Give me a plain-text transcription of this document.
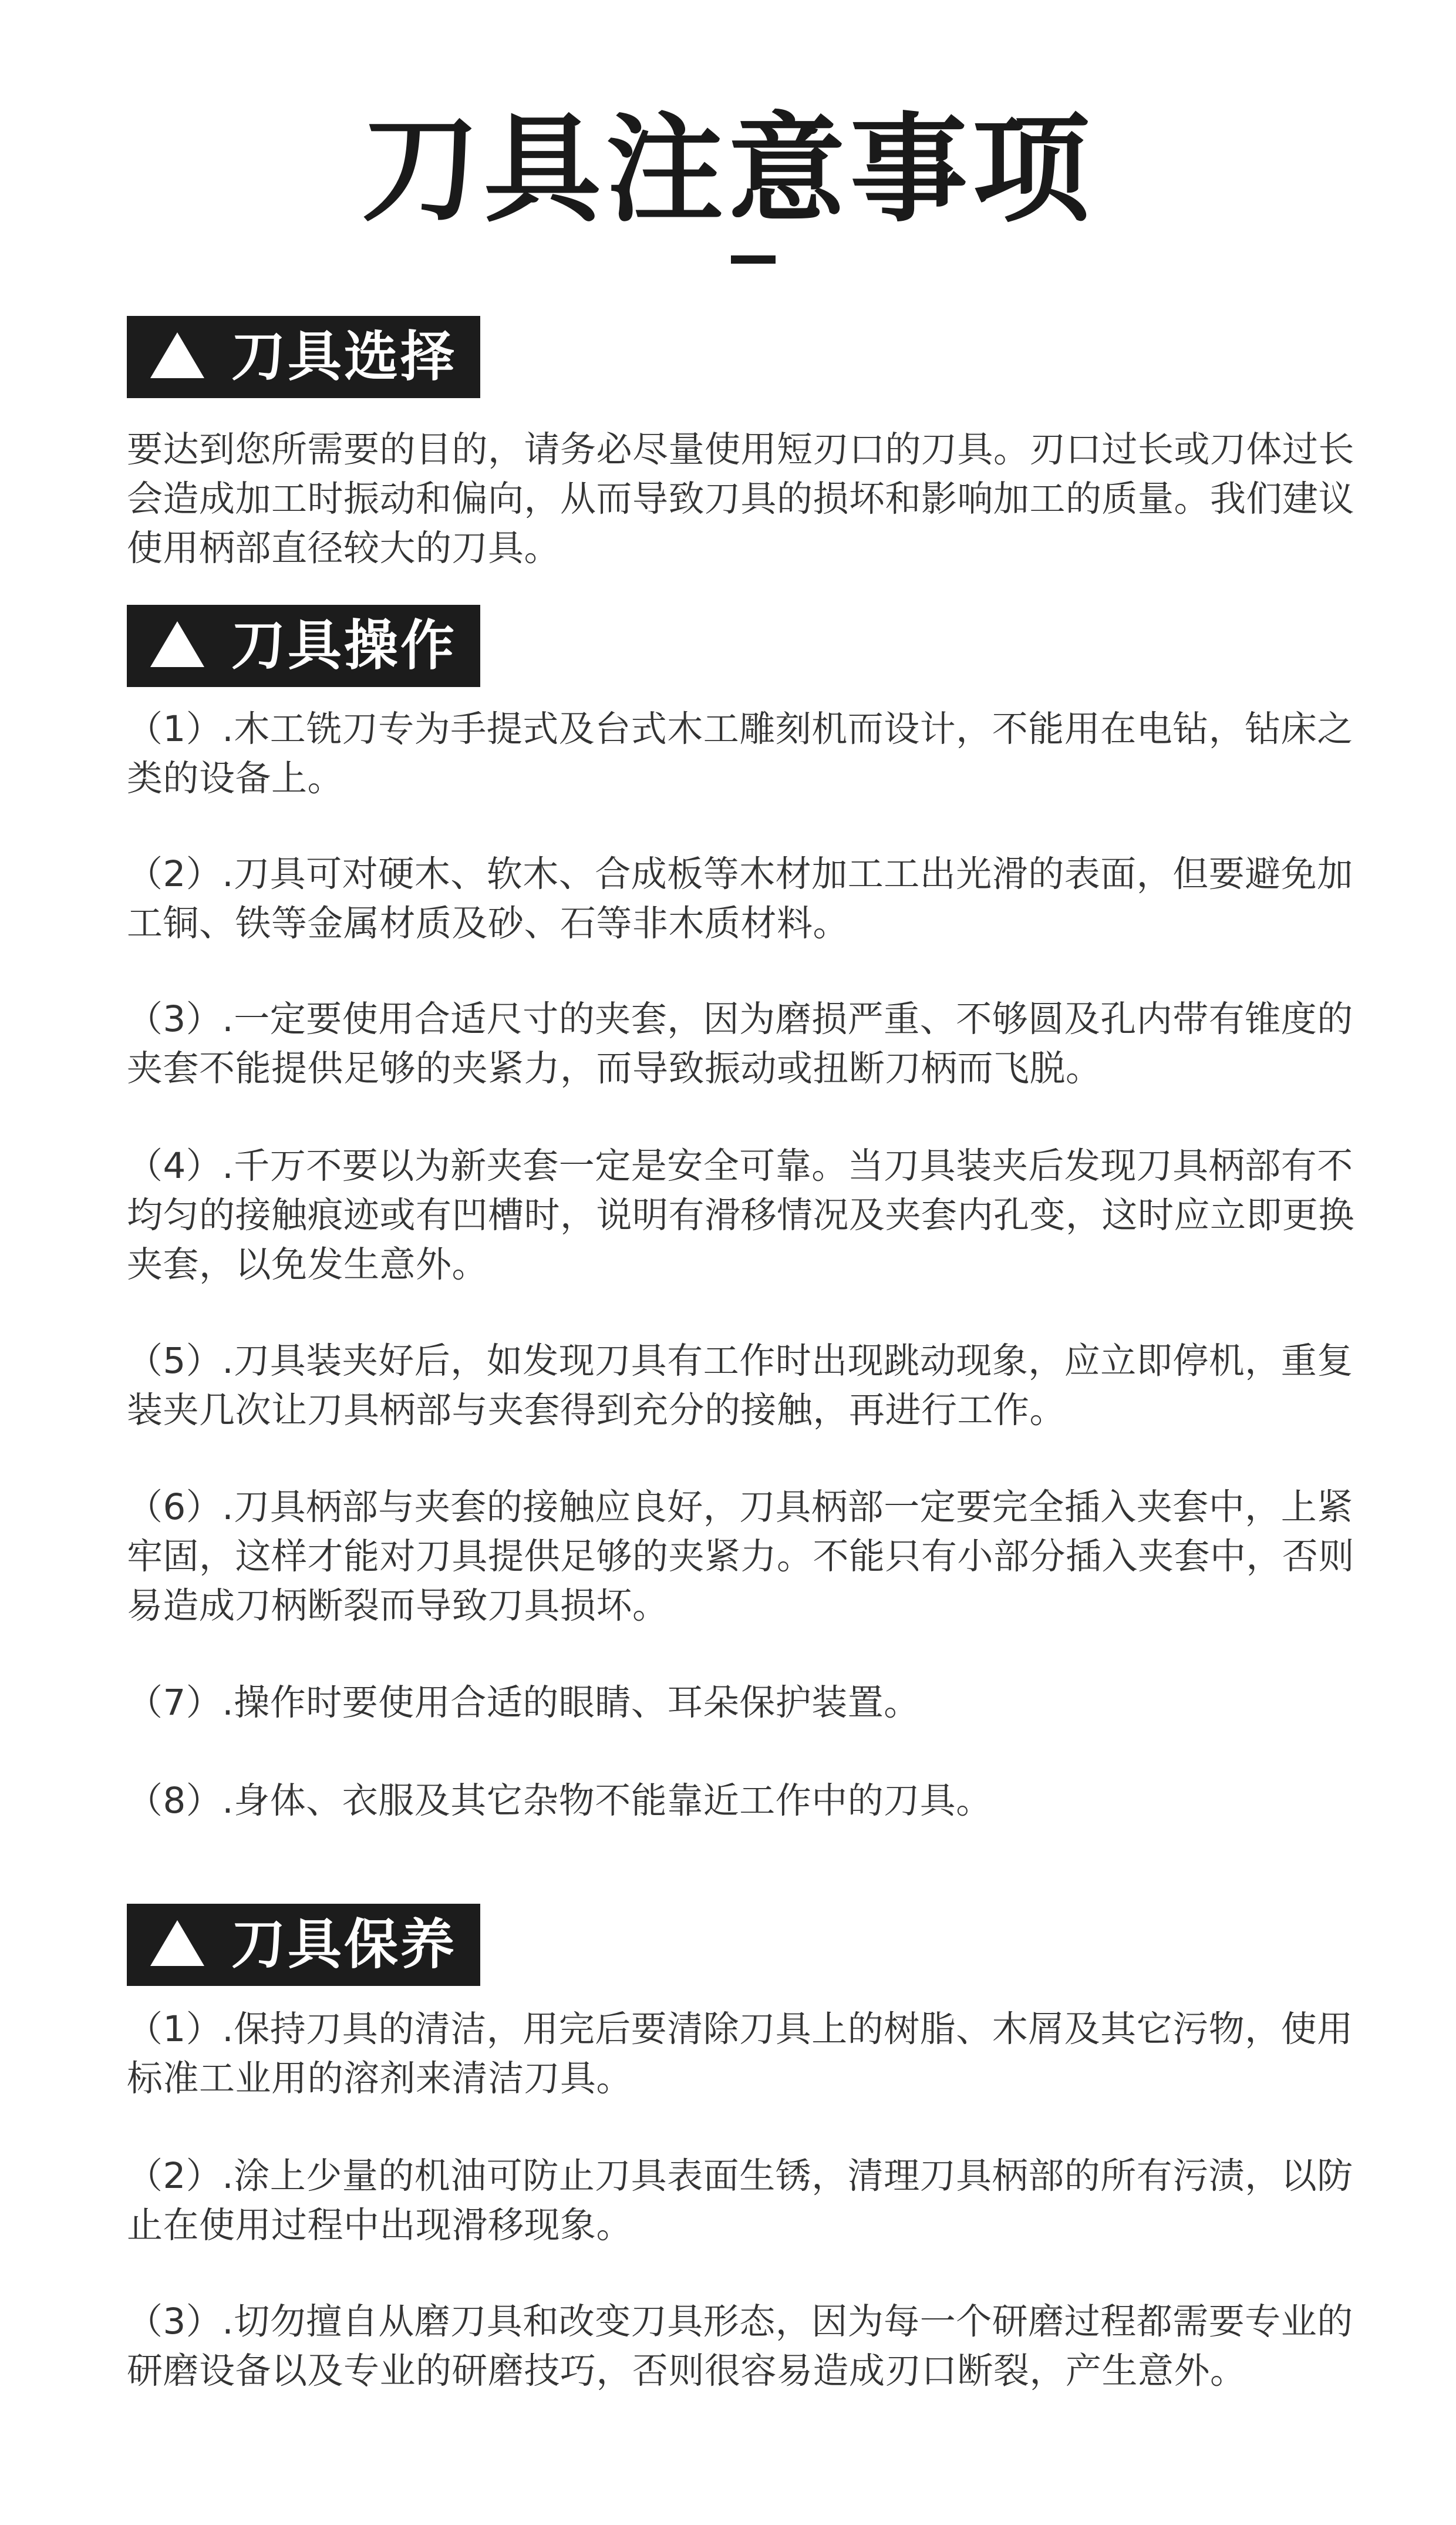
刀具注意事项
刀具选择

要达到您所需要的目的，请务必尽量使用短刃口的刀具。刃口过长或刀体过长会造成加工时振动和偏向，从而导致刀具的损坏和影响加工的质量。我们建议使用柄部直径较大的刀具。

刀具操作

（1）.木工铣刀专为手提式及台式木工雕刻机而设计，不能用在电钻，钻床之类的设备上。

（2）.刀具可对硬木、软木、合成板等木材加工工出光滑的表面，但要避免加工铜、铁等金属材质及砂、石等非木质材料。

（3）.一定要使用合适尺寸的夹套，因为磨损严重、不够圆及孔内带有锥度的夹套不能提供足够的夹紧力，而导致振动或扭断刀柄而飞脱。

（4）.千万不要以为新夹套一定是安全可靠。当刀具装夹后发现刀具柄部有不均匀的接触痕迹或有凹槽时，说明有滑移情况及夹套内孔变，这时应立即更换夹套，以免发生意外。

（5）.刀具装夹好后，如发现刀具有工作时出现跳动现象，应立即停机，重复装夹几次让刀具柄部与夹套得到充分的接触，再进行工作。

（6）.刀具柄部与夹套的接触应良好，刀具柄部一定要完全插入夹套中，上紧牢固，这样才能对刀具提供足够的夹紧力。不能只有小部分插入夹套中，否则易造成刀柄断裂而导致刀具损坏。

（7）.操作时要使用合适的眼睛、耳朵保护装置。

（8）.身体、衣服及其它杂物不能靠近工作中的刀具。

刀具保养

（1）.保持刀具的清洁，用完后要清除刀具上的树脂、木屑及其它污物，使用标准工业用的溶剂来清洁刀具。

（2）.涂上少量的机油可防止刀具表面生锈，清理刀具柄部的所有污渍，以防止在使用过程中出现滑移现象。

（3）.切勿擅自从磨刀具和改变刀具形态，因为每一个研磨过程都需要专业的研磨设备以及专业的研磨技巧，否则很容易造成刃口断裂，产生意外。
